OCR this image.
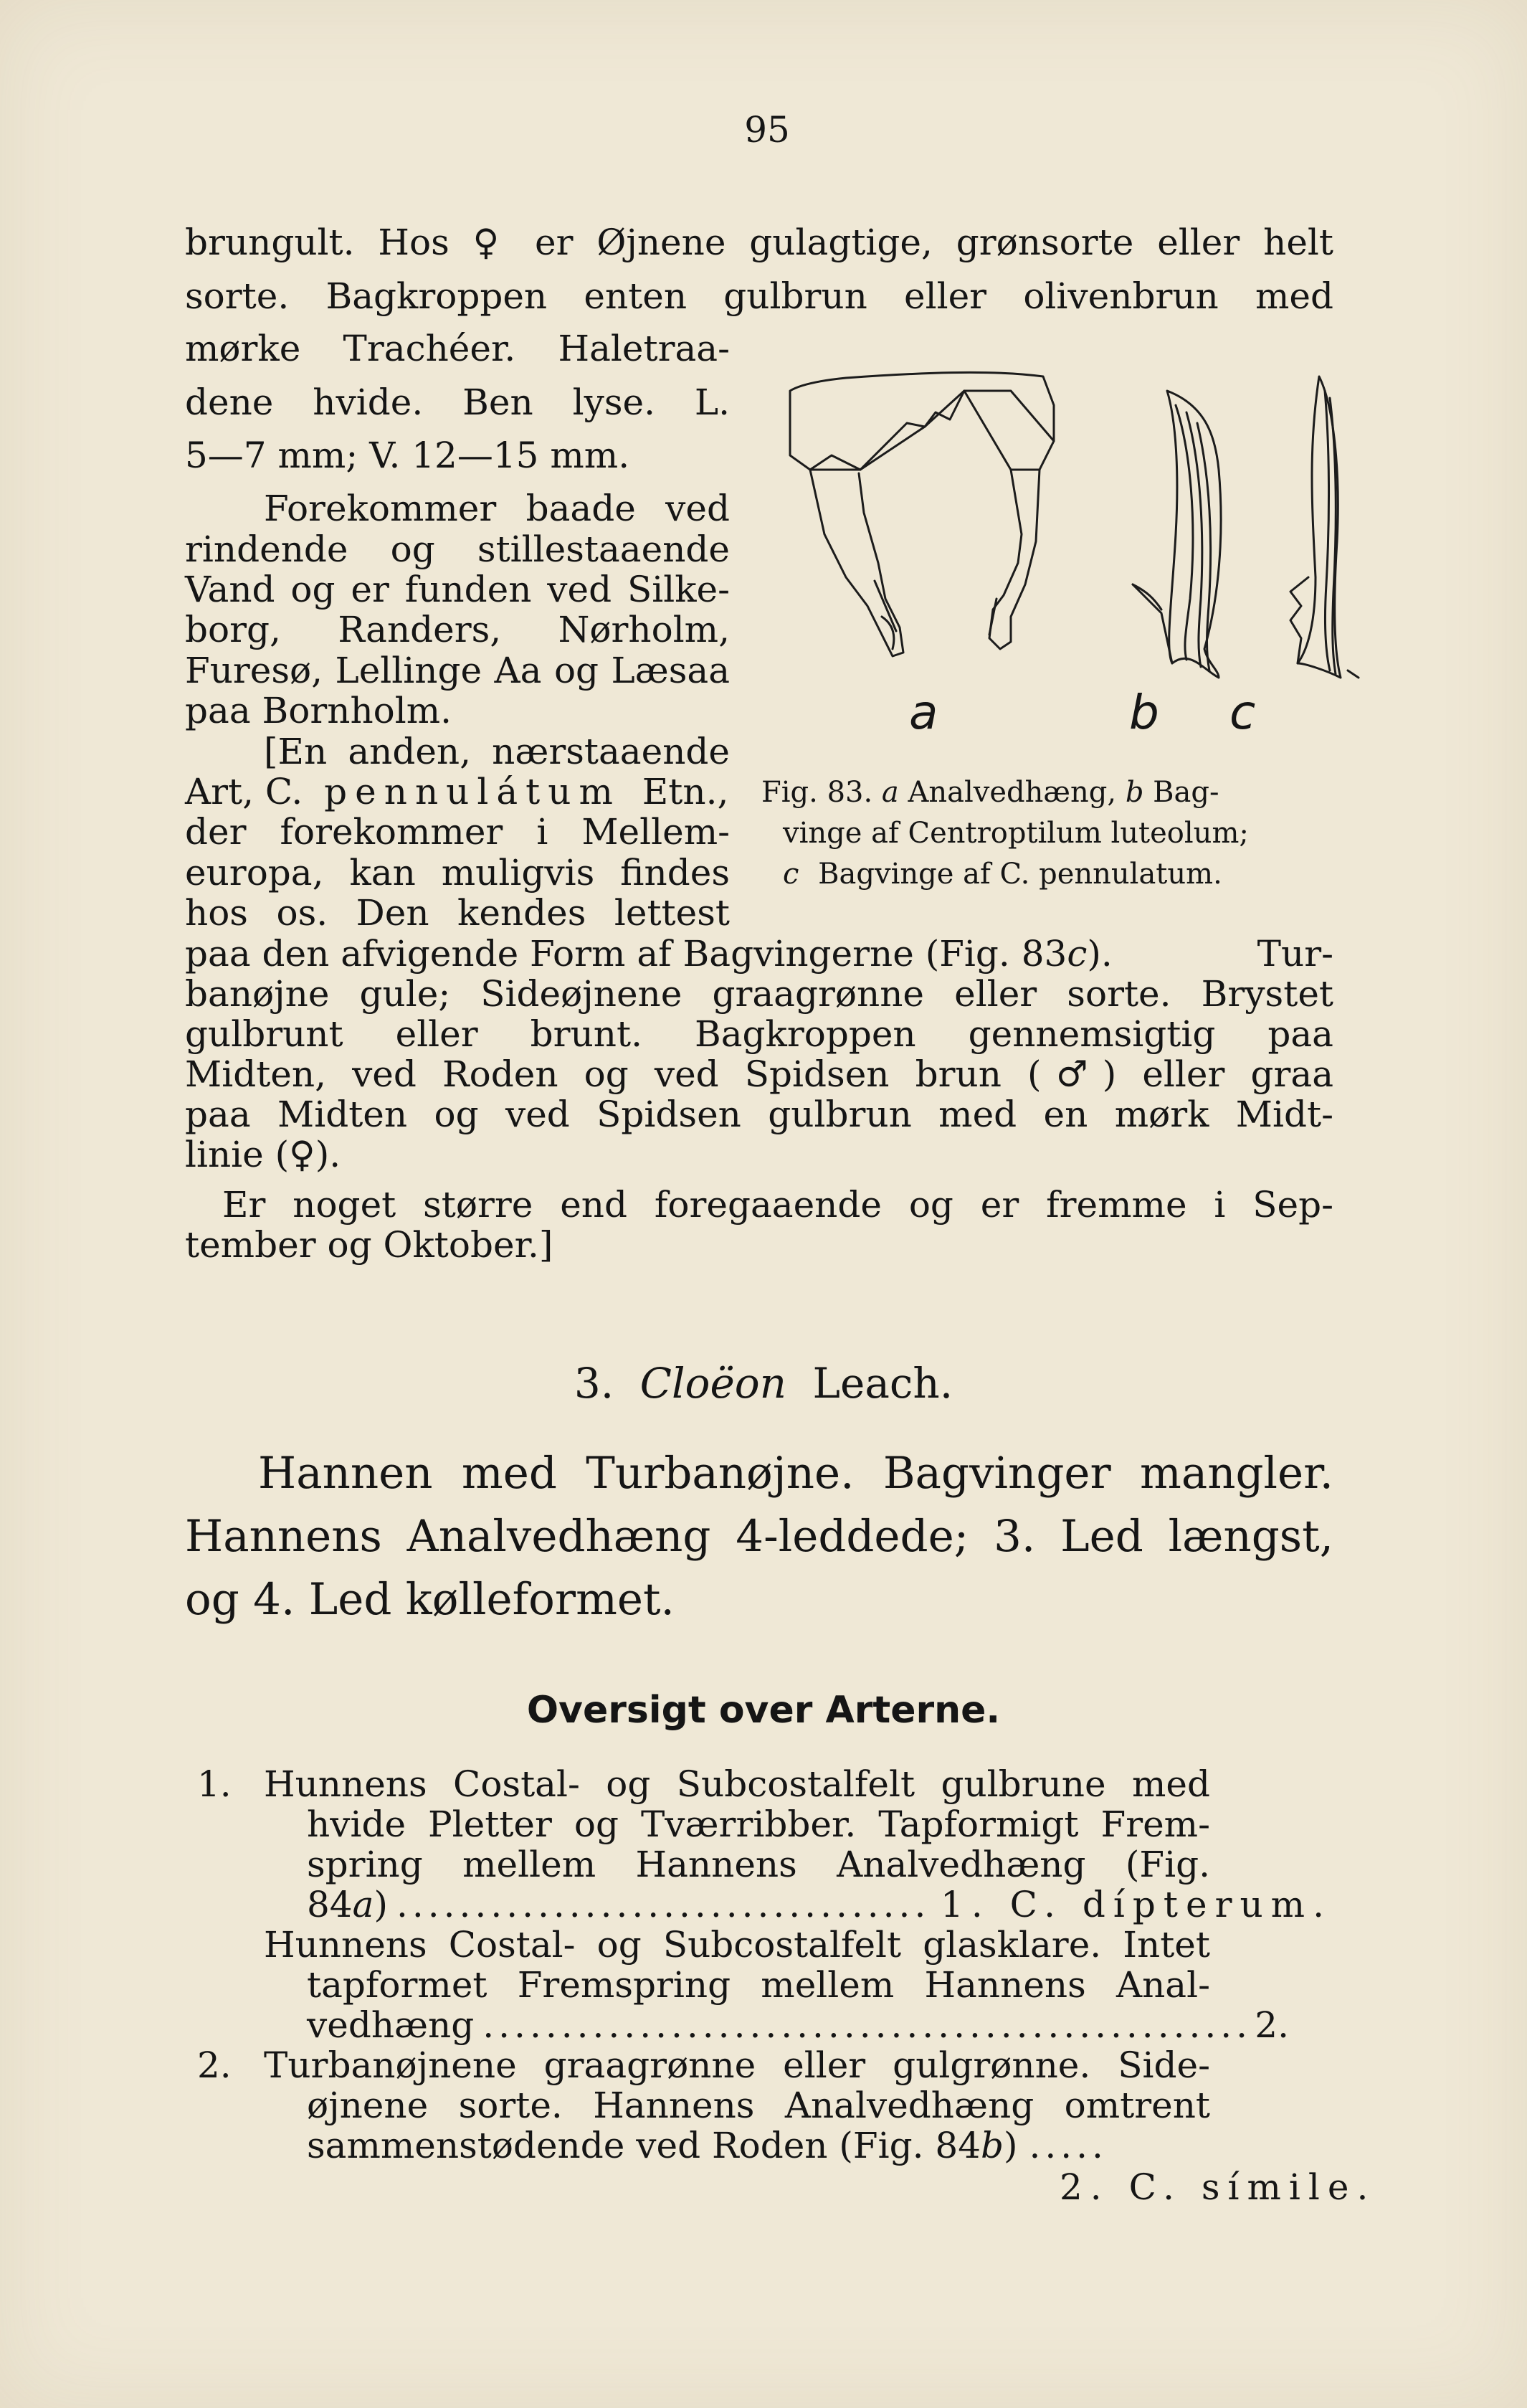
95
brungult. Hos ♀ er Øjnene gulagtige, grønsorte eller helt
sorte. Bagkroppen enten gulbrun eller olivenbrun med
mørke Trachéer. Haletraa-
dene hvide. Ben lyse. L.
5—7 mm; V. 12—15 mm.
Forekommer baade ved
rindende og stillestaaende
Vand og er funden ved Silke-
borg, Randers, Nørholm,
Furesø, Lellinge Aa og Læsaa
paa Bornholm.
[En anden, nærstaaende
Art, C. pennulátum Etn.,
der forekommer i Mellem-
europa, kan muligvis findes
hos os. Den kendes lettest
paa den afvigende Form af Bagvingerne (Fig. 83c).	Tur-
banøjne gule; Sideøjnene graagrønne eller sorte. Brystet
gulbrunt eller brunt. Bagkroppen gennemsigtig paa
Midten, ved Roden og ved Spidsen brun (♂) eller graa
paa Midten og ved Spidsen gulbrun med en mørk Midt-
linie (♀).
Er noget større end foregaaende og er fremme i Sep-
tember og Oktober.]
a	b c
Fig. 83. a Analvedhæng, b Bag-
vinge af Centroptilum luteolum;
c Bagvinge af C. pennulatum.
3. Cloëon Leach.
Hannen med Turbanøjne. Bagvinger mangler.
Hannens Analvedhæng 4-leddede; 3. Led længst,
og 4. Led kølleformet.
Oversigt over Arterne.
1. Hunnens Costal- og Subcostalfelt gulbrune med
hvide Pletter og Tværribber. Tapformigt Frem-
spring mellem Hannens Analvedhæng (Fig.
84a) .....	1. C. dípterum.
Hunnens Costal- og Subcostalfelt glasklare. Intet
tapformet Fremspring mellem Hannens Anal-
vedhæng .....	2.
2. Turbanøjnene graagrønne eller gulgrønne. Side-
øjnene sorte. Hannens Analvedhæng omtrent
sammenstødende ved Roden (Fig. 84b) .....
2. C. símile.
